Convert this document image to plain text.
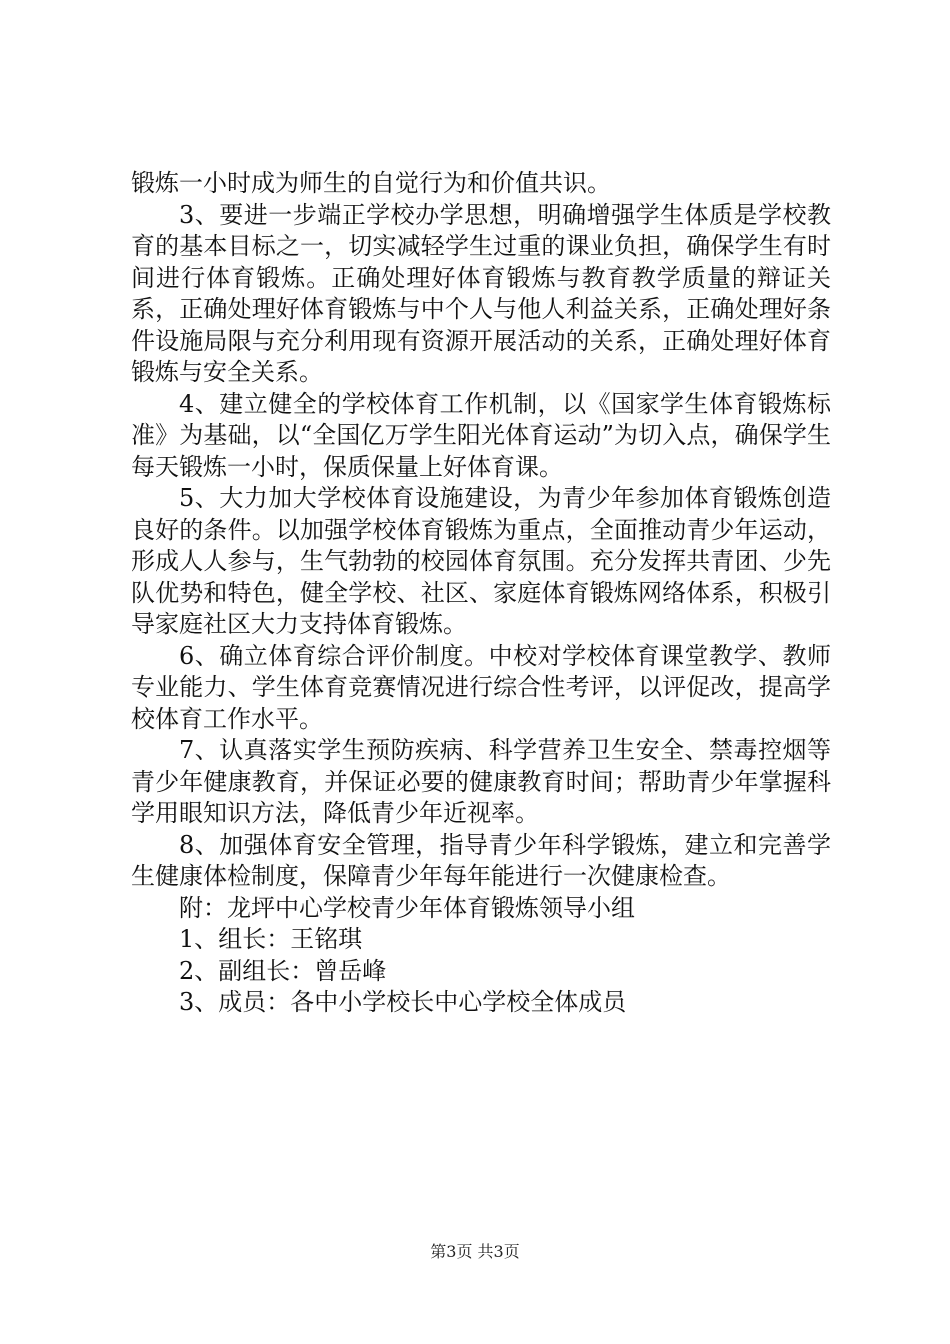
锻炼一小时成为师生的自觉行为和价值共识。

3、要进一步端正学校办学思想，明确增强学生体质是学校教育的基本目标之一，切实减轻学生过重的课业负担，确保学生有时间进行体育锻炼。正确处理好体育锻炼与教育教学质量的辩证关系，正确处理好体育锻炼与中个人与他人利益关系，正确处理好条件设施局限与充分利用现有资源开展活动的关系，正确处理好体育锻炼与安全关系。

4、建立健全的学校体育工作机制，以《国家学生体育锻炼标准》为基础，以“全国亿万学生阳光体育运动”为切入点，确保学生每天锻炼一小时，保质保量上好体育课。

5、大力加大学校体育设施建设，为青少年参加体育锻炼创造良好的条件。以加强学校体育锻炼为重点，全面推动青少年运动，形成人人参与，生气勃勃的校园体育氛围。充分发挥共青团、少先队优势和特色，健全学校、社区、家庭体育锻炼网络体系，积极引导家庭社区大力支持体育锻炼。

6、确立体育综合评价制度。中校对学校体育课堂教学、教师专业能力、学生体育竞赛情况进行综合性考评，以评促改，提高学校体育工作水平。

7、认真落实学生预防疾病、科学营养卫生安全、禁毒控烟等青少年健康教育，并保证必要的健康教育时间；帮助青少年掌握科学用眼知识方法，降低青少年近视率。

8、加强体育安全管理，指导青少年科学锻炼，建立和完善学生健康体检制度，保障青少年每年能进行一次健康检查。

附：龙坪中心学校青少年体育锻炼领导小组

1、组长：王铭琪

2、副组长：曾岳峰

3、成员：各中小学校长中心学校全体成员

第3页 共3页
